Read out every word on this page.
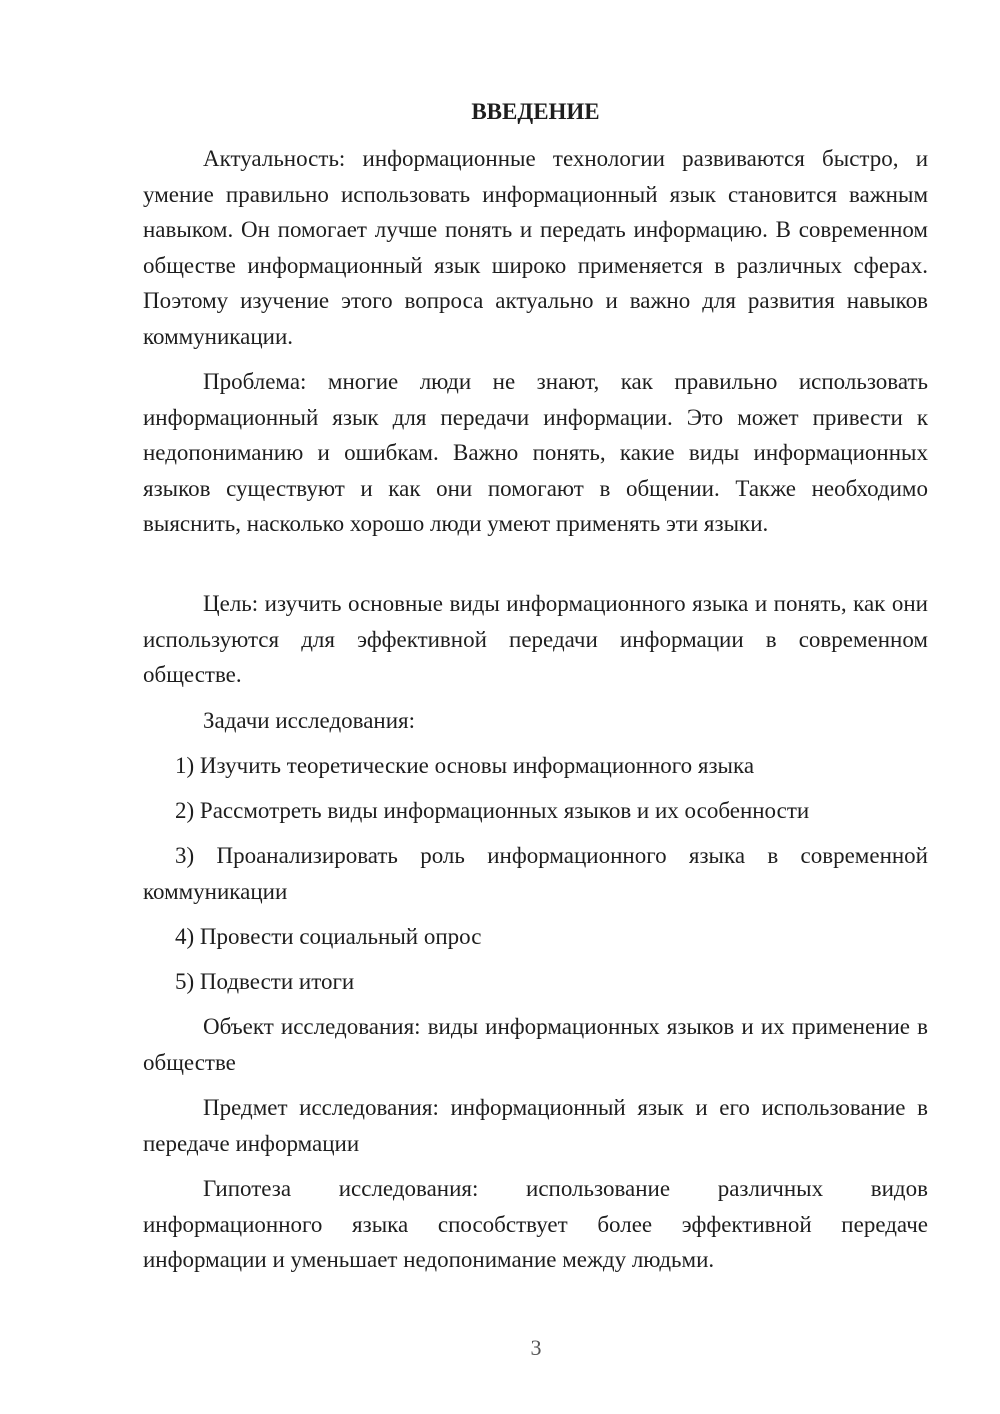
ВВЕДЕНИЕ

Актуальность: информационные технологии развиваются быстро, и умение правильно использовать информационный язык становится важным навыком. Он помогает лучше понять и передать информацию. В современном обществе информационный язык широко применяется в различных сферах. Поэтому изучение этого вопроса актуально и важно для развития навыков коммуникации.

Проблема: многие люди не знают, как правильно использовать информационный язык для передачи информации. Это может привести к недопониманию и ошибкам. Важно понять, какие виды информационных языков существуют и как они помогают в общении. Также необходимо выяснить, насколько хорошо люди умеют применять эти языки.

Цель: изучить основные виды информационного языка и понять, как они используются для эффективной передачи информации в современном обществе.

Задачи исследования:

1) Изучить теоретические основы информационного языка

2) Рассмотреть виды информационных языков и их особенности

3) Проанализировать роль информационного языка в современной коммуникации

4) Провести социальный опрос

5) Подвести итоги

Объект исследования: виды информационных языков и их применение в обществе

Предмет исследования: информационный язык и его использование в передаче информации

Гипотеза исследования: использование различных видов информационного языка способствует более эффективной передаче информации и уменьшает недопонимание между людьми.

3
